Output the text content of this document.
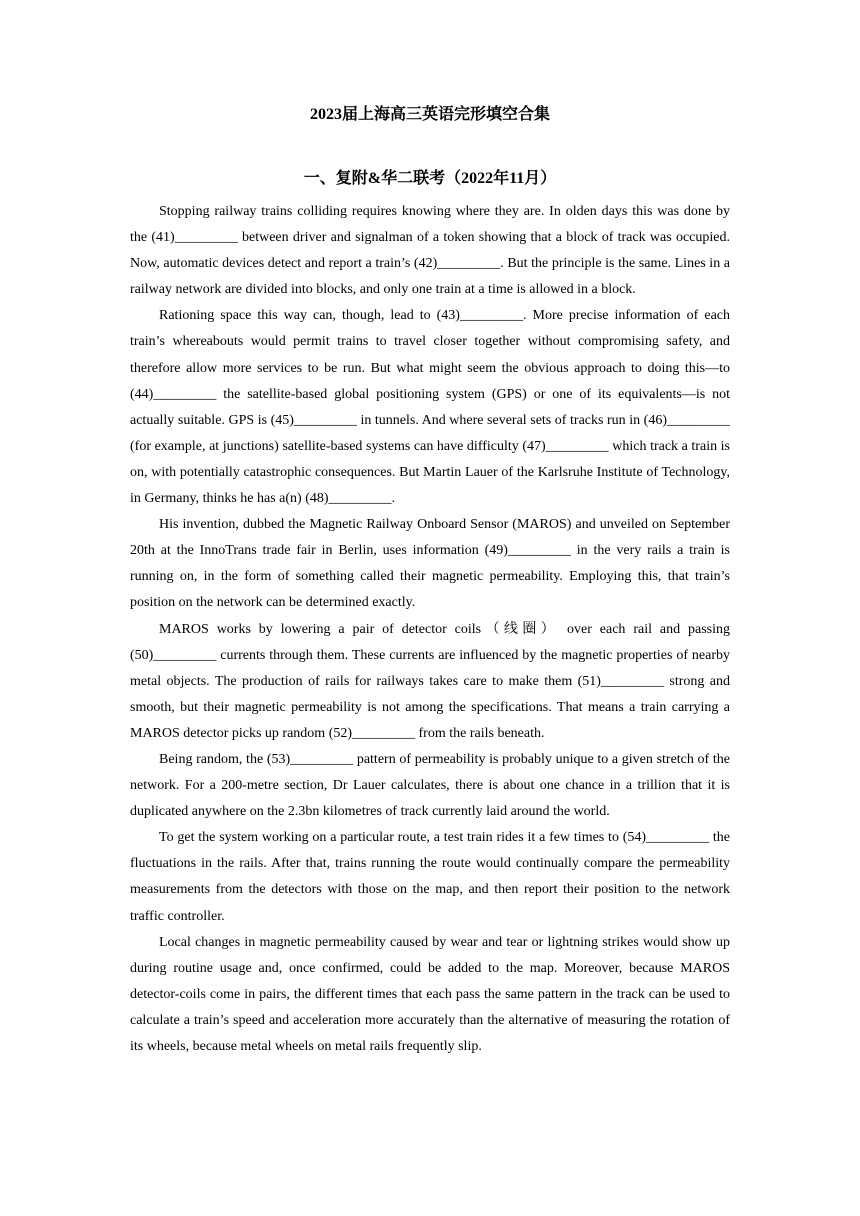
2023届上海高三英语完形填空合集
一、复附&华二联考（2022年11月）

Stopping railway trains colliding requires knowing where they are. In olden days this was done by the (41)_________ between driver and signalman of a token showing that a block of track was occupied. Now, automatic devices detect and report a train’s (42)_________. But the principle is the same. Lines in a railway network are divided into blocks, and only one train at a time is allowed in a block.

Rationing space this way can, though, lead to (43)_________. More precise information of each train’s whereabouts would permit trains to travel closer together without compromising safety, and therefore allow more services to be run. But what might seem the obvious approach to doing this—to (44)_________ the satellite-based global positioning system (GPS) or one of its equivalents—is not actually suitable. GPS is (45)_________ in tunnels. And where several sets of tracks run in (46)_________ (for example, at junctions) satellite-based systems can have difficulty (47)_________ which track a train is on, with potentially catastrophic consequences. But Martin Lauer of the Karlsruhe Institute of Technology, in Germany, thinks he has a(n) (48)_________.

His invention, dubbed the Magnetic Railway Onboard Sensor (MAROS) and unveiled on September 20th at the InnoTrans trade fair in Berlin, uses information (49)_________ in the very rails a train is running on, in the form of something called their magnetic permeability. Employing this, that train’s position on the network can be determined exactly.

MAROS works by lowering a pair of detector coils（线圈） over each rail and passing (50)_________ currents through them. These currents are influenced by the magnetic properties of nearby metal objects. The production of rails for railways takes care to make them (51)_________ strong and smooth, but their magnetic permeability is not among the specifications. That means a train carrying a MAROS detector picks up random (52)_________ from the rails beneath.

Being random, the (53)_________ pattern of permeability is probably unique to a given stretch of the network. For a 200-metre section, Dr Lauer calculates, there is about one chance in a trillion that it is duplicated anywhere on the 2.3bn kilometres of track currently laid around the world.

To get the system working on a particular route, a test train rides it a few times to (54)_________ the fluctuations in the rails. After that, trains running the route would continually compare the permeability measurements from the detectors with those on the map, and then report their position to the network traffic controller.

Local changes in magnetic permeability caused by wear and tear or lightning strikes would show up during routine usage and, once confirmed, could be added to the map. Moreover, because MAROS detector-coils come in pairs, the different times that each pass the same pattern in the track can be used to calculate a train’s speed and acceleration more accurately than the alternative of measuring the rotation of its wheels, because metal wheels on metal rails frequently slip.
